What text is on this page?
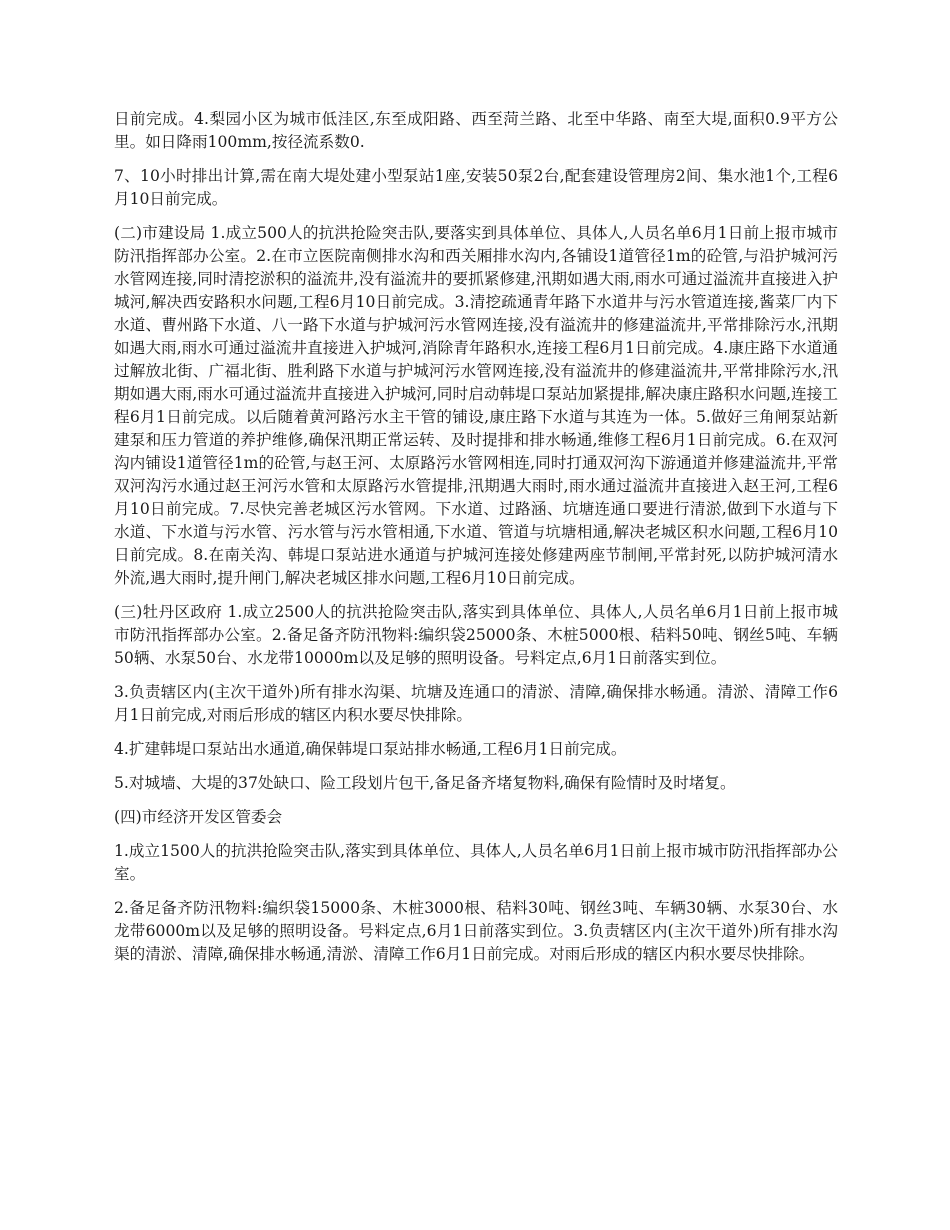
日前完成。4.梨园小区为城市低洼区,东至成阳路、西至菏兰路、北至中华路、南至大堤,面积0.9平方公里。如日降雨100mm,按径流系数0.

7、10小时排出计算,需在南大堤处建小型泵站1座,安装50泵2台,配套建设管理房2间、集水池1个,工程6月10日前完成。

(二)市建设局 1.成立500人的抗洪抢险突击队,要落实到具体单位、具体人,人员名单6月1日前上报市城市防汛指挥部办公室。2.在市立医院南侧排水沟和西关厢排水沟内,各铺设1道管径1m的砼管,与沿护城河污水管网连接,同时清挖淤积的溢流井,没有溢流井的要抓紧修建,汛期如遇大雨,雨水可通过溢流井直接进入护城河,解决西安路积水问题,工程6月10日前完成。3.清挖疏通青年路下水道井与污水管道连接,酱菜厂内下水道、曹州路下水道、八一路下水道与护城河污水管网连接,没有溢流井的修建溢流井,平常排除污水,汛期如遇大雨,雨水可通过溢流井直接进入护城河,消除青年路积水,连接工程6月1日前完成。4.康庄路下水道通过解放北街、广福北街、胜利路下水道与护城河污水管网连接,没有溢流井的修建溢流井,平常排除污水,汛期如遇大雨,雨水可通过溢流井直接进入护城河,同时启动韩堤口泵站加紧提排,解决康庄路积水问题,连接工程6月1日前完成。以后随着黄河路污水主干管的铺设,康庄路下水道与其连为一体。5.做好三角闸泵站新建泵和压力管道的养护维修,确保汛期正常运转、及时提排和排水畅通,维修工程6月1日前完成。6.在双河沟内铺设1道管径1m的砼管,与赵王河、太原路污水管网相连,同时打通双河沟下游通道并修建溢流井,平常双河沟污水通过赵王河污水管和太原路污水管提排,汛期遇大雨时,雨水通过溢流井直接进入赵王河,工程6月10日前完成。7.尽快完善老城区污水管网。下水道、过路涵、坑塘连通口要进行清淤,做到下水道与下水道、下水道与污水管、污水管与污水管相通,下水道、管道与坑塘相通,解决老城区积水问题,工程6月10日前完成。8.在南关沟、韩堤口泵站进水通道与护城河连接处修建两座节制闸,平常封死,以防护城河清水外流,遇大雨时,提升闸门,解决老城区排水问题,工程6月10日前完成。

(三)牡丹区政府 1.成立2500人的抗洪抢险突击队,落实到具体单位、具体人,人员名单6月1日前上报市城市防汛指挥部办公室。2.备足备齐防汛物料:编织袋25000条、木桩5000根、秸料50吨、钢丝5吨、车辆50辆、水泵50台、水龙带10000m以及足够的照明设备。号料定点,6月1日前落实到位。

3.负责辖区内(主次干道外)所有排水沟渠、坑塘及连通口的清淤、清障,确保排水畅通。清淤、清障工作6月1日前完成,对雨后形成的辖区内积水要尽快排除。

4.扩建韩堤口泵站出水通道,确保韩堤口泵站排水畅通,工程6月1日前完成。

5.对城墙、大堤的37处缺口、险工段划片包干,备足备齐堵复物料,确保有险情时及时堵复。

(四)市经济开发区管委会

1.成立1500人的抗洪抢险突击队,落实到具体单位、具体人,人员名单6月1日前上报市城市防汛指挥部办公室。

2.备足备齐防汛物料:编织袋15000条、木桩3000根、秸料30吨、钢丝3吨、车辆30辆、水泵30台、水龙带6000m以及足够的照明设备。号料定点,6月1日前落实到位。3.负责辖区内(主次干道外)所有排水沟渠的清淤、清障,确保排水畅通,清淤、清障工作6月1日前完成。对雨后形成的辖区内积水要尽快排除。
